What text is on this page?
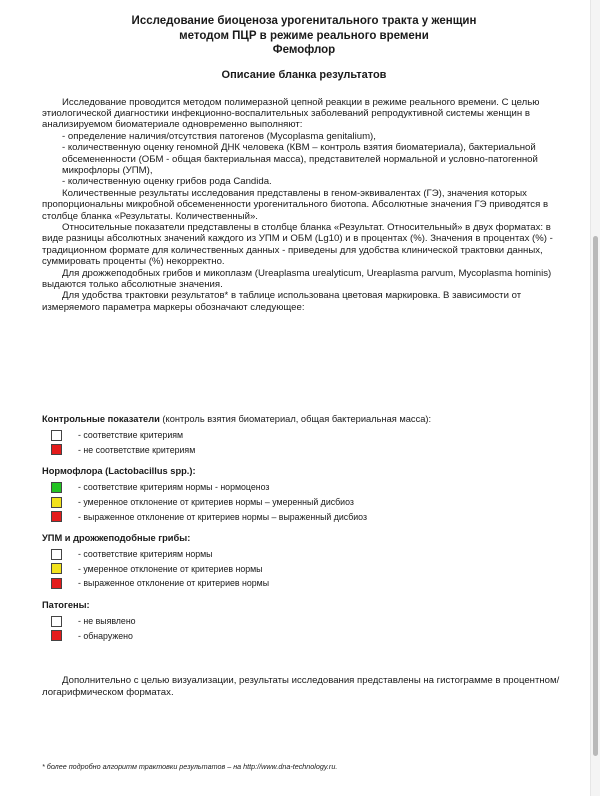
Исследование биоценоза урогенитального тракта у женщин
методом ПЦР в режиме реального времени
Фемофлор
Описание бланка результатов

Исследование проводится методом полимеразной цепной реакции в режиме реального времени. С целью этиологической диагностики инфекционно-воспалительных заболеваний репродуктивной системы женщин в анализируемом биоматериале одновременно выполняют:

- определение наличия/отсутствия патогенов (Mycoplasma genitalium),

- количественную оценку геномной ДНК человека (КВМ – контроль взятия биоматериала), бактериальной обсемененности (ОБМ - общая бактериальная масса), представителей нормальной и условно-патогенной микрофлоры (УПМ),

- количественную оценку грибов рода Candida.

Количественные результаты исследования представлены в геном-эквивалентах (ГЭ), значения которых пропорциональны микробной обсемененности урогенитального биотопа. Абсолютные значения ГЭ приводятся в столбце бланка «Результаты. Количественный».

Относительные показатели представлены в столбце бланка «Результат. Относительный» в двух форматах: в виде разницы абсолютных значений каждого из УПМ и ОБМ (Lg10) и в процентах (%). Значения в процентах (%) - традиционном формате для количественных данных - приведены для удобства клинической трактовки данных, суммировать проценты (%) некорректно.

Для дрожжеподобных грибов и микоплазм (Ureaplasma urealyticum, Ureaplasma parvum, Mycoplasma hominis) выдаются только абсолютные значения.

Для удобства трактовки результатов* в таблице использована цветовая маркировка. В зависимости от измеряемого параметра маркеры обозначают следующее:

Контрольные показатели (контроль взятия биоматериал, общая бактериальная масса):
- соответствие критериям
- не соответствие критериям
Нормофлора (Lactobacillus spp.):
- соответствие критериям нормы - нормоценоз
- умеренное отклонение от критериев нормы – умеренный дисбиоз
- выраженное отклонение от критериев нормы – выраженный дисбиоз
УПМ и дрожжеподобные грибы:
- соответствие критериям нормы
- умеренное отклонение от критериев нормы
- выраженное отклонение от критериев нормы
Патогены:
- не выявлено
- обнаружено

Дополнительно с целью визуализации, результаты исследования представлены на гистограмме в процентном/логарифмическом форматах.

* более подробно алгоритм трактовки результатов – на http://www.dna-technology.ru.
